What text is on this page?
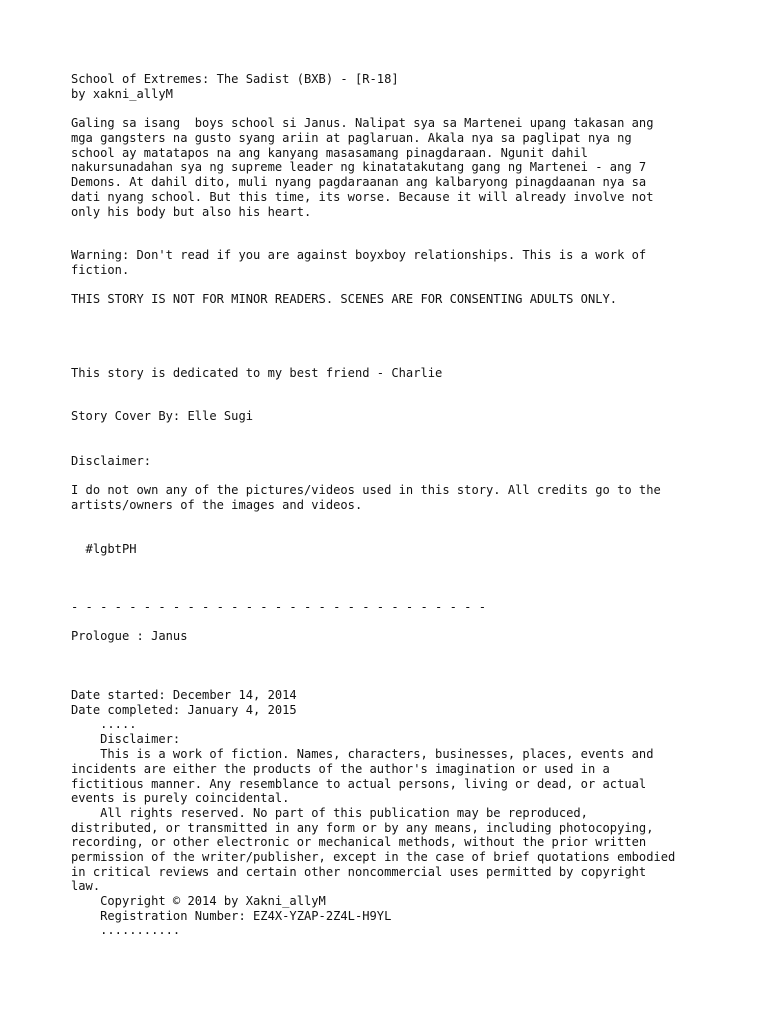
School of Extremes: The Sadist (BXB) - [R-18]

by xakni_allyM

Galing sa isang  boys school si Janus. Nalipat sya sa Martenei upang takasan ang

mga gangsters na gusto syang ariin at paglaruan. Akala nya sa paglipat nya ng

school ay matatapos na ang kanyang masasamang pinagdaraan. Ngunit dahil

nakursunadahan sya ng supreme leader ng kinatatakutang gang ng Martenei - ang 7

Demons. At dahil dito, muli nyang pagdaraanan ang kalbaryong pinagdaanan nya sa

dati nyang school. But this time, its worse. Because it will already involve not

only his body but also his heart.

Warning: Don't read if you are against boyxboy relationships. This is a work of

fiction.

THIS STORY IS NOT FOR MINOR READERS. SCENES ARE FOR CONSENTING ADULTS ONLY.

This story is dedicated to my best friend - Charlie

Story Cover By: Elle Sugi

Disclaimer:

I do not own any of the pictures/videos used in this story. All credits go to the

artists/owners of the images and videos.

#lgbtPH

- - - - - - - - - - - - - - - - - - - - - - - - - - - - -

Prologue : Janus

Date started: December 14, 2014

Date completed: January 4, 2015

.....

Disclaimer:

This is a work of fiction. Names, characters, businesses, places, events and

incidents are either the products of the author's imagination or used in a

fictitious manner. Any resemblance to actual persons, living or dead, or actual

events is purely coincidental.

All rights reserved. No part of this publication may be reproduced,

distributed, or transmitted in any form or by any means, including photocopying,

recording, or other electronic or mechanical methods, without the prior written

permission of the writer/publisher, except in the case of brief quotations embodied

in critical reviews and certain other noncommercial uses permitted by copyright

law.

Copyright © 2014 by Xakni_allyM

Registration Number: EZ4X-YZAP-2Z4L-H9YL

...........
